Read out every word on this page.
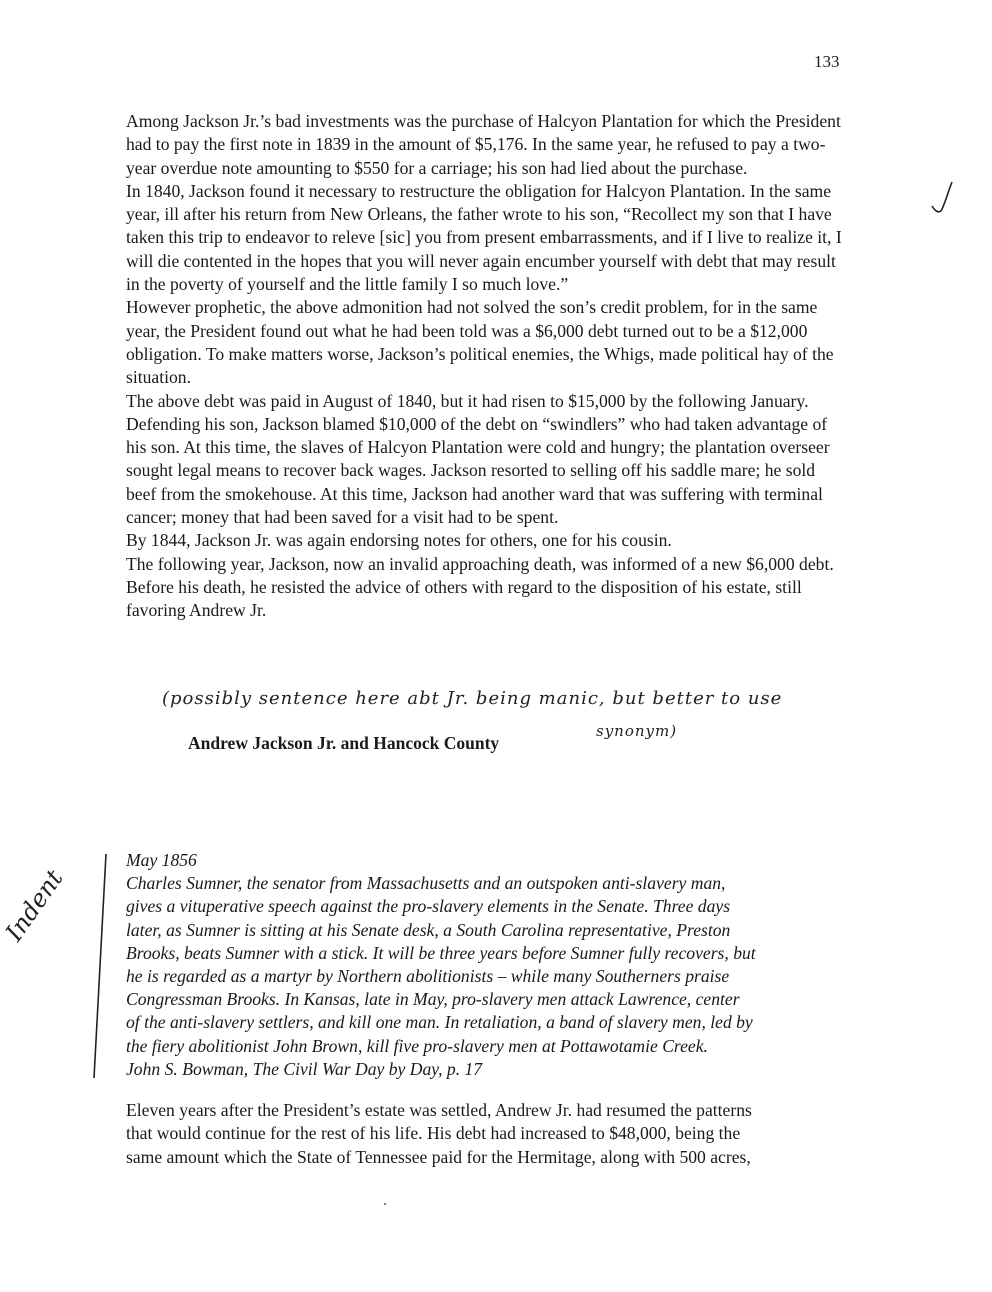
133

Among Jackson Jr.’s bad investments was the purchase of Halcyon Plantation for which the President had to pay the first note in 1839 in the amount of $5,176. In the same year, he refused to pay a two-year overdue note amounting to $550 for a carriage; his son had lied about the purchase.

In 1840, Jackson found it necessary to restructure the obligation for Halcyon Plantation. In the same year, ill after his return from New Orleans, the father wrote to his son, “Recollect my son that I have taken this trip to endeavor to releve [sic] you from present embarrassments, and if I live to realize it, I will die contented in the hopes that you will never again encumber yourself with debt that may result in the poverty of yourself and the little family I so much love.”

However prophetic, the above admonition had not solved the son’s credit problem, for in the same year, the President found out what he had been told was a $6,000 debt turned out to be a $12,000 obligation. To make matters worse, Jackson’s political enemies, the Whigs, made political hay of the situation.

The above debt was paid in August of 1840, but it had risen to $15,000 by the following January. Defending his son, Jackson blamed $10,000 of the debt on “swindlers” who had taken advantage of his son. At this time, the slaves of Halcyon Plantation were cold and hungry; the plantation overseer sought legal means to recover back wages. Jackson resorted to selling off his saddle mare; he sold beef from the smokehouse. At this time, Jackson had another ward that was suffering with terminal cancer; money that had been saved for a visit had to be spent.

By 1844, Jackson Jr. was again endorsing notes for others, one for his cousin.

The following year, Jackson, now an invalid approaching death, was informed of a new $6,000 debt. Before his death, he resisted the advice of others with regard to the disposition of his estate, still favoring Andrew Jr.

(possibly sentence here abt Jr. being manic, but better to use
synonym)
Andrew Jackson Jr. and Hancock County

May 1856

Charles Sumner, the senator from Massachusetts and an outspoken anti-slavery man,

gives a vituperative speech against the pro-slavery elements in the Senate. Three days

later, as Sumner is sitting at his Senate desk, a South Carolina representative, Preston

Brooks, beats Sumner with a stick. It will be three years before Sumner fully recovers, but

he is regarded as a martyr by Northern abolitionists – while many Southerners praise

Congressman Brooks. In Kansas, late in May, pro-slavery men attack Lawrence, center

of the anti-slavery settlers, and kill one man. In retaliation, a band of slavery men, led by

the fiery abolitionist John Brown, kill five pro-slavery men at Pottawotamie Creek.

John S. Bowman, The Civil War Day by Day, p. 17

Indent

Eleven years after the President’s estate was settled, Andrew Jr. had resumed the patterns

that would continue for the rest of his life. His debt had increased to $48,000, being the

same amount which the State of Tennessee paid for the Hermitage, along with 500 acres,
